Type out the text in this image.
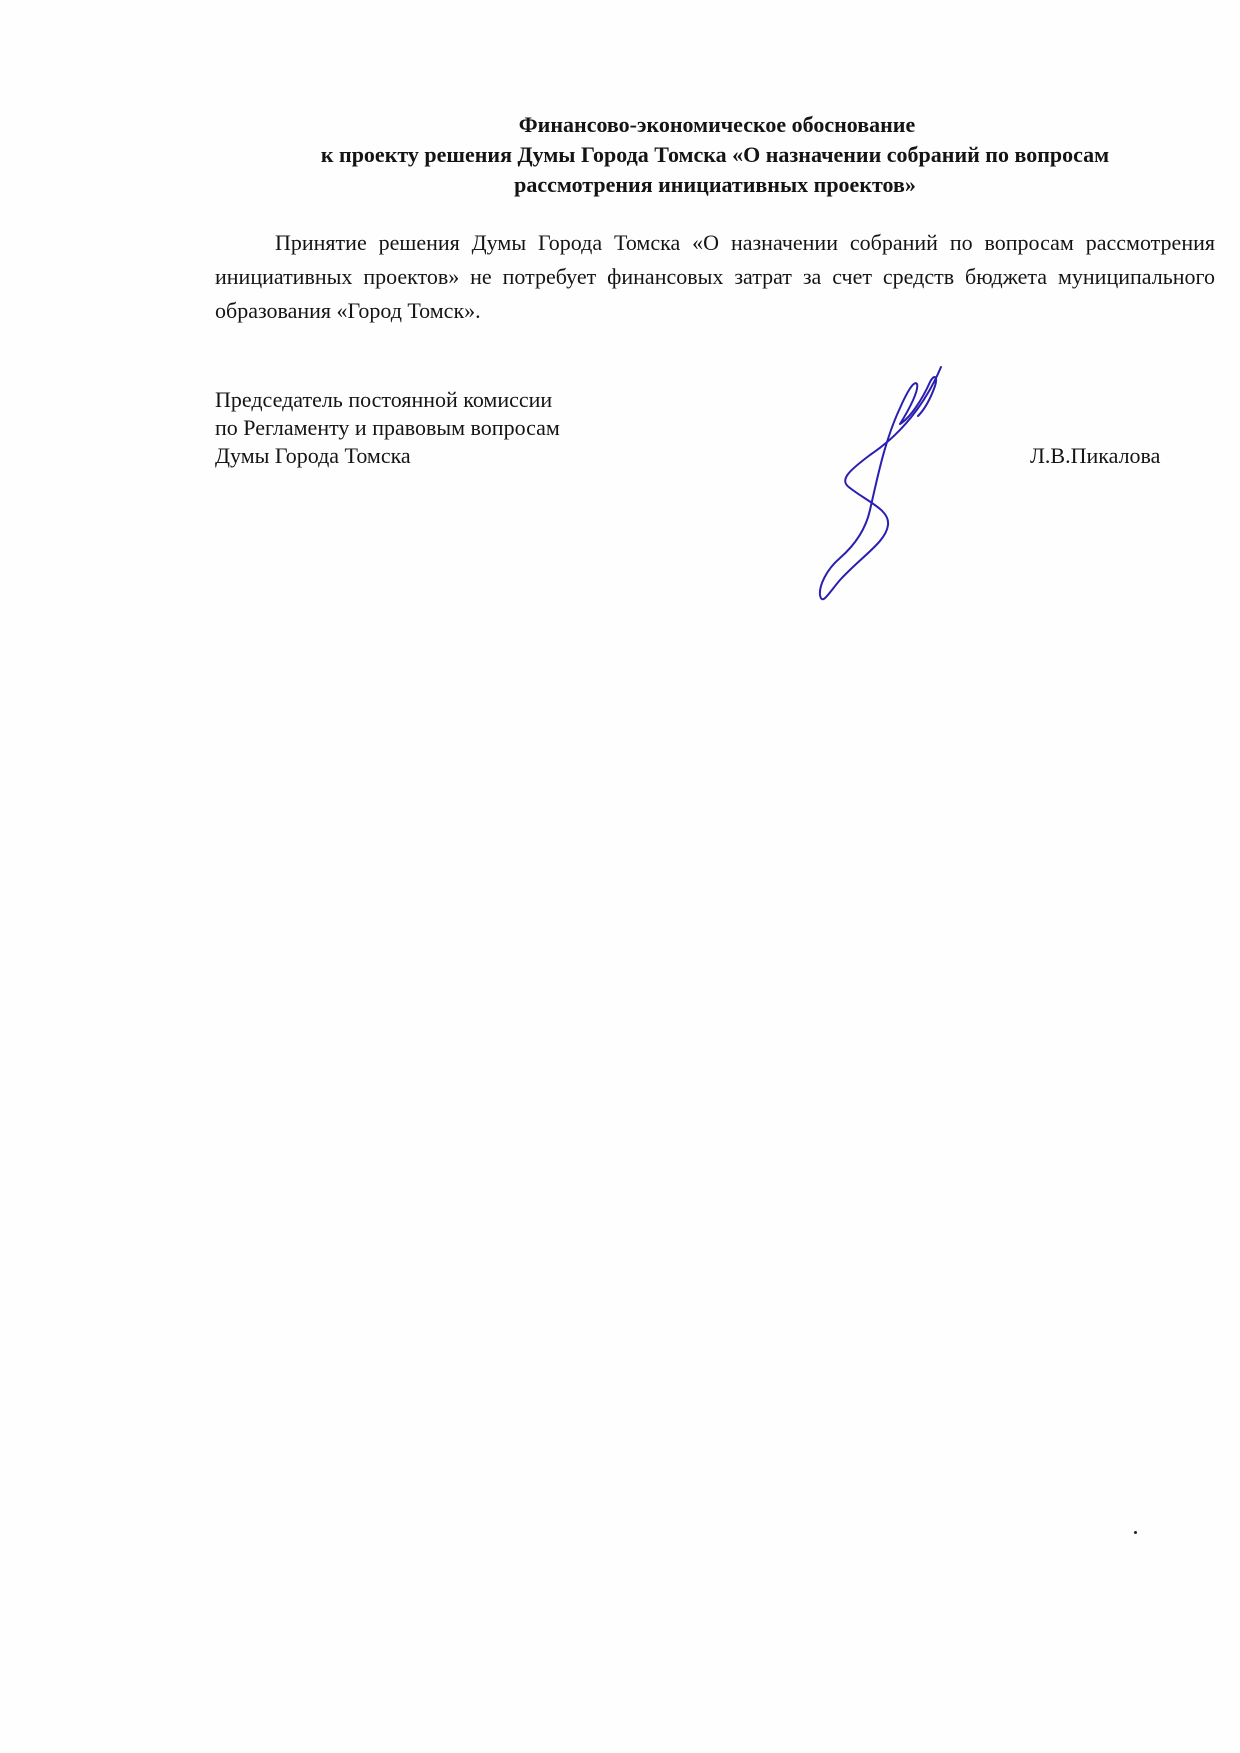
Финансово-экономическое обоснование
к проекту решения Думы Города Томска «О назначении собраний по вопросам
рассмотрения инициативных проектов»

Принятие решения Думы Города Томска «О назначении собраний по вопросам рассмотрения инициативных проектов» не потребует финансовых затрат за счет средств бюджета муниципального образования «Город Томск».

Председатель постоянной комиссии
по Регламенту и правовым вопросам
Думы Города Томска	Л.В.Пикалова
